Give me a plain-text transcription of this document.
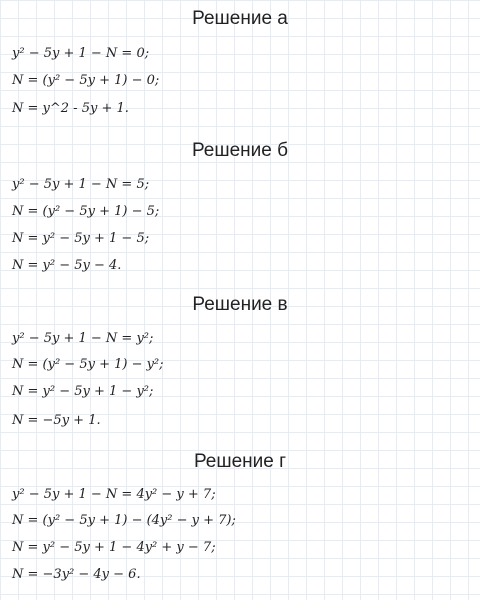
Решение а
y² − 5y + 1 − N = 0;
N = (y² − 5y + 1) − 0;
N = y^2 - 5y + 1.
Решение б
y² − 5y + 1 − N = 5;
N = (y² − 5y + 1) − 5;
N = y² − 5y + 1 − 5;
N = y² − 5y − 4.
Решение в
y² − 5y + 1 − N = y²;
N = (y² − 5y + 1) − y²;
N = y² − 5y + 1 − y²;
N = −5y + 1.
Решение г
y² − 5y + 1 − N = 4y² − y + 7;
N = (y² − 5y + 1) − (4y² − y + 7);
N = y² − 5y + 1 − 4y² + y − 7;
N = −3y² − 4y − 6.
